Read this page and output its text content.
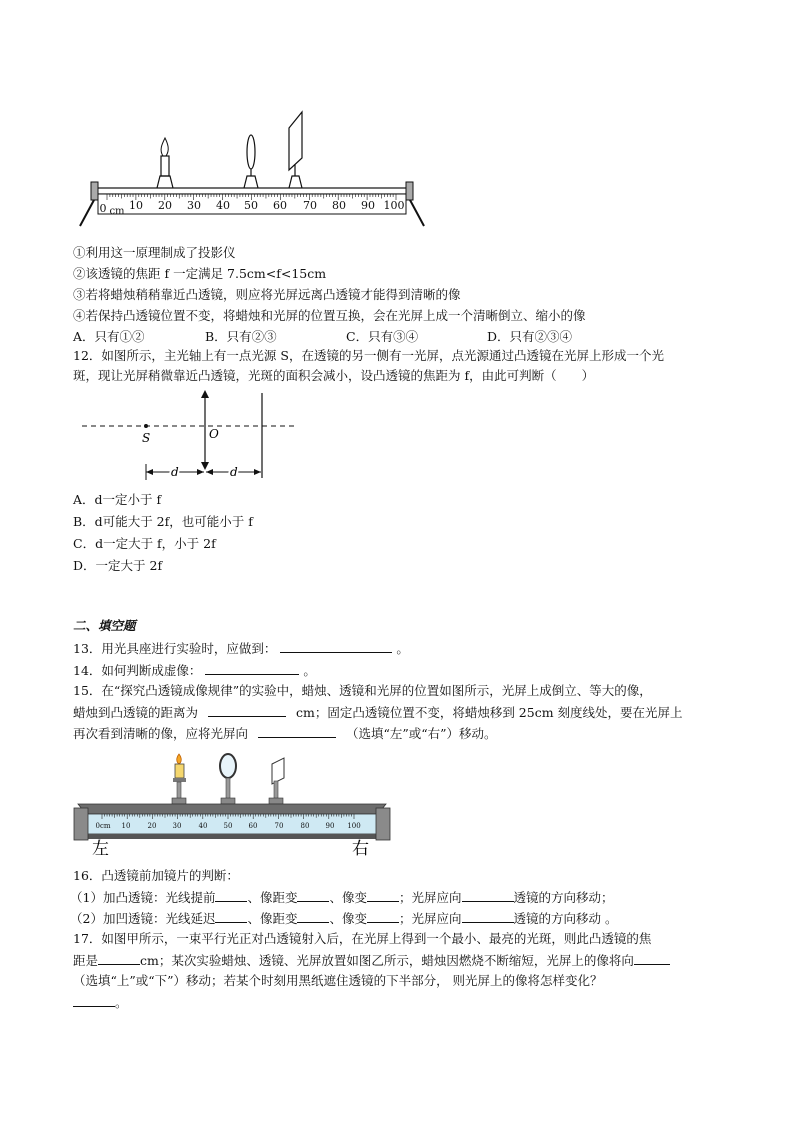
0 cm 10 20 30 40 50 60 70 80 90 100
①利用这一原理制成了投影仪
②该透镜的焦距 f 一定满足 7.5cm<f<15cm
③若将蜡烛稍稍靠近凸透镜，则应将光屏远离凸透镜才能得到清晰的像
④若保持凸透镜位置不变，将蜡烛和光屏的位置互换，会在光屏上成一个清晰倒立、缩小的像
A．只有①②	B．只有②③	C．只有③④	D．只有②③④
12．如图所示，主光轴上有一点光源 S，在透镜的另一侧有一光屏，点光源通过凸透镜在光屏上形成一个光
斑，现让光屏稍微靠近凸透镜，光斑的面积会减小，设凸透镜的焦距为 f，由此可判断（　　）
S	O
d	d
A．d一定小于 f
B．d可能大于 2f，也可能小于 f
C．d一定大于 f，小于 2f
D．一定大于 2f
二、填空题
13．用光具座进行实验时，应做到：	。
14．如何判断成虚像：	。
15．在“探究凸透镜成像规律”的实验中，蜡烛、透镜和光屏的位置如图所示，光屏上成倒立、等大的像，
蜡烛到凸透镜的距离为	cm；固定凸透镜位置不变，将蜡烛移到 25cm 刻度线处，要在光屏上
再次看到清晰的像，应将光屏向	（选填“左”或“右”）移动。
0cm 10 20 30 40 50 60 70 80 90 100
左	右
16．凸透镜前加镜片的判断：
（1）加凸透镜：光线提前	、像距变	、像变	；光屏应向	透镜的方向移动；
（2）加凹透镜：光线延迟	、像距变	、像变	；光屏应向	透镜的方向移动 。
17．如图甲所示，一束平行光正对凸透镜射入后，在光屏上得到一个最小、最亮的光斑，则此凸透镜的焦
距是	cm；某次实验蜡烛、透镜、光屏放置如图乙所示，蜡烛因燃烧不断缩短，光屏上的像将向
（选填“上”或“下”）移动；若某个时刻用黑纸遮住透镜的下半部分， 则光屏上的像将怎样变化？
。
